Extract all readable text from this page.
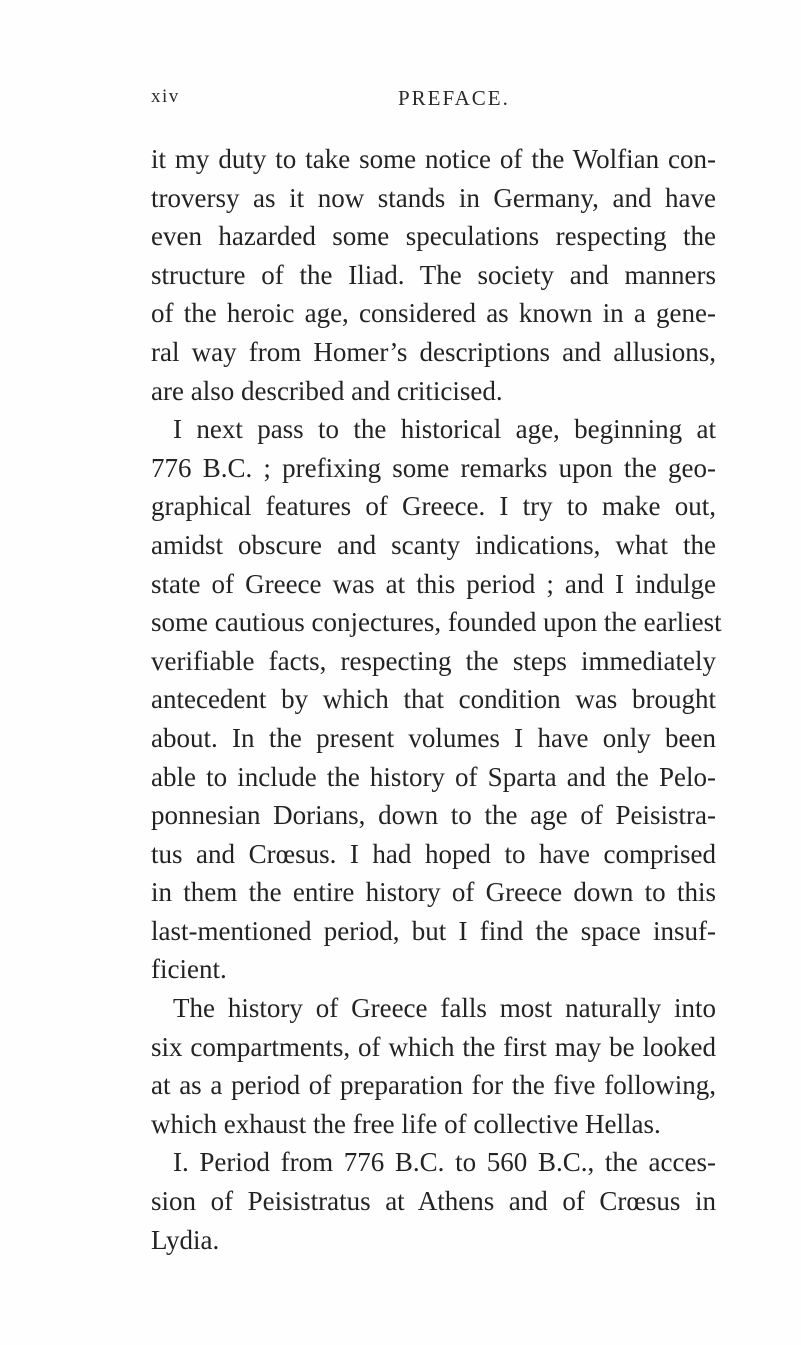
xiv	PREFACE.

it my duty to take some notice of the Wolfian con-
troversy as it now stands in Germany, and have
even hazarded some speculations respecting the
structure of the Iliad. The society and manners
of the heroic age, considered as known in a gene-
ral way from Homer’s descriptions and allusions,
are also described and criticised.

I next pass to the historical age, beginning at
776 B.C. ; prefixing some remarks upon the geo-
graphical features of Greece. I try to make out,
amidst obscure and scanty indications, what the
state of Greece was at this period ; and I indulge
some cautious conjectures, founded upon the earliest
verifiable facts, respecting the steps immediately
antecedent by which that condition was brought
about. In the present volumes I have only been
able to include the history of Sparta and the Pelo-
ponnesian Dorians, down to the age of Peisistra-
tus and Crœsus. I had hoped to have comprised
in them the entire history of Greece down to this
last-mentioned period, but I find the space insuf-
ficient.

The history of Greece falls most naturally into
six compartments, of which the first may be looked
at as a period of preparation for the five following,
which exhaust the free life of collective Hellas.

I. Period from 776 B.C. to 560 B.C., the acces-
sion of Peisistratus at Athens and of Crœsus in
Lydia.
